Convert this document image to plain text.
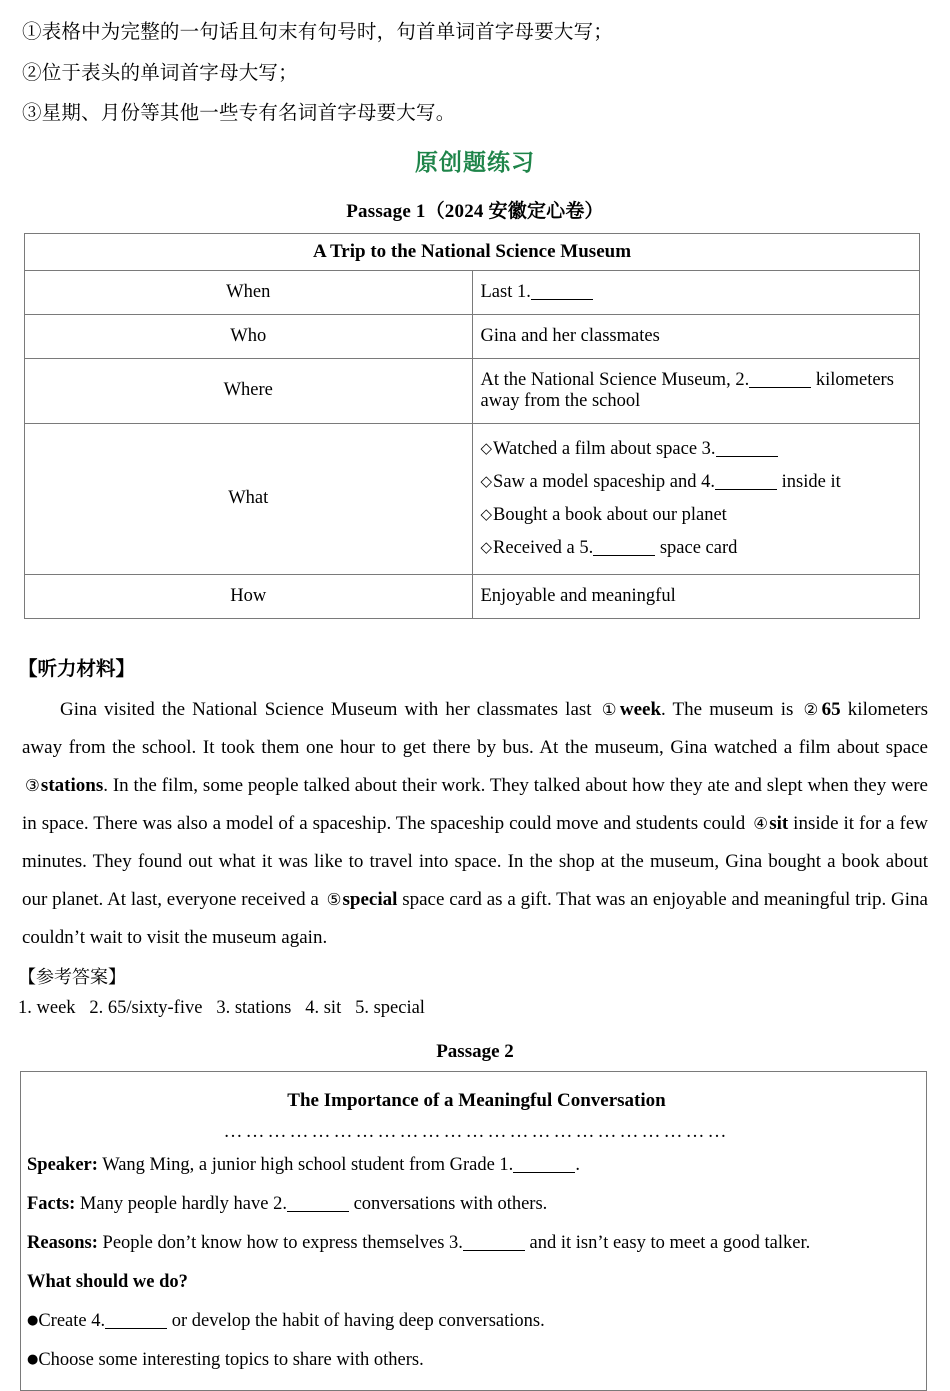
①表格中为完整的一句话且句末有句号时，句首单词首字母要大写；

②位于表头的单词首字母大写；

③星期、月份等其他一些专有名词首字母要大写。

原创题练习
Passage 1（2024 安徽定心卷）
A Trip to the National Science Museum	
When	Last 1.
Who	Gina and her classmates
Where	At the National Science Museum, 2. kilometers away from the school
What	◇Watched a film about space 3.
◇Saw a model spaceship and 4. inside it
◇Bought a book about our planet
◇Received a 5. space card

How	Enjoyable and meaningful
【听力材料】
Gina visited the National Science Museum with her classmates last ①week. The museum is ②65 kilometers away from the school. It took them one hour to get there by bus. At the museum, Gina watched a film about space ③stations. In the film, some people talked about their work. They talked about how they ate and slept when they were in space. There was also a model of a spaceship. The spaceship could move and students could ④sit inside it for a few minutes. They found out what it was like to travel into space. In the shop at the museum, Gina bought a book about our planet. At last, everyone received a ⑤special space card as a gift. That was an enjoyable and meaningful trip. Gina couldn’t wait to visit the museum again.
【参考答案】
1. week   2. 65/sixty-five   3. stations   4. sit   5. special
Passage 2
The Importance of a Meaningful Conversation
……………………………………………………………
Speaker: Wang Ming, a junior high school student from Grade 1.	.
Facts: Many people hardly have 2.	conversations with others.
Reasons: People don’t know how to express themselves 3.	and it isn’t easy to meet a good talker.
What should we do?
●Create 4.	or develop the habit of having deep conversations.
●Choose some interesting topics to share with others.
